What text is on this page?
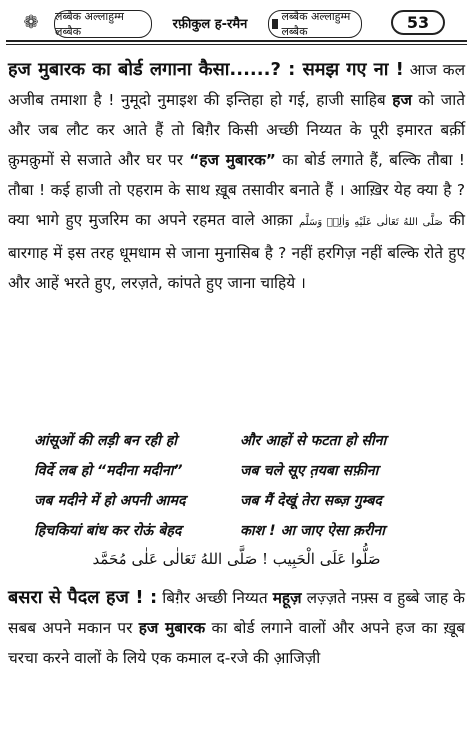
❁	लब्बैक अल्लाहुम्म लब्बैक	रफ़ीकुल ह-रमैन
लब्बैक अल्लाहुम्म लब्बैक	53

हज मुबारक का बोर्ड लगाना कैसा......? : समझ गए ना ! आज कल अजीब तमाशा है ! नुमूदो नुमाइश की इन्तिहा हो गई, हाजी साहिब हज को जाते और जब लौट कर आते हैं तो बिग़ैर किसी अच्छी निय्यत के पूरी इमारत बर्क़ी क़ुमक़ुमों से सजाते और घर पर “हज मुबारक” का बोर्ड लगाते हैं, बल्कि तौबा ! तौबा ! कई हाजी तो एहराम के साथ ख़ूब तसावीर बनाते हैं । आख़िर येह क्या है ? क्या भागे हुए मुजरिम का अपने रहमत वाले आक़ा صَلَّى اللهُ تَعَالٰی عَلَیْهِ وَاٰلِهٖ وَسَلَّم की बारगाह में इस तरह धूमधाम से जाना मुनासिब है ? नहीं हरगिज़ नहीं बल्कि रोते हुए और आहें भरते हुए, लरज़ते, कांपते हुए जाना चाहिये ।

आंसूओं की लड़ी बन रही हो	और आहों से फटता हो सीना
विर्दे लब हो “मदीना मदीना”	जब चले सूए त़यबा सफ़ीना
जब मदीने में हो अपनी आमद	जब मैं देखूं तेरा सब्ज़ गुम्बद
हिचकियां बांध कर रोऊं बेहद	काश ! आ जाए ऐसा क़रीना
صَلُّوا عَلَى الْحَبِيب ! صَلَّى اللهُ تَعَالٰى عَلٰى مُحَمَّد

बसरा से पैदल हज ! : बिग़ैर अच्छी निय्यत महूज़ लज़्ज़ते नफ़्स व हुब्बे जाह के सबब अपने मकान पर हज मुबारक का बोर्ड लगाने वालों और अपने हज का ख़ूब चरचा करने वालों के लिये एक कमाल द-रजे की आ़जिज़ी
